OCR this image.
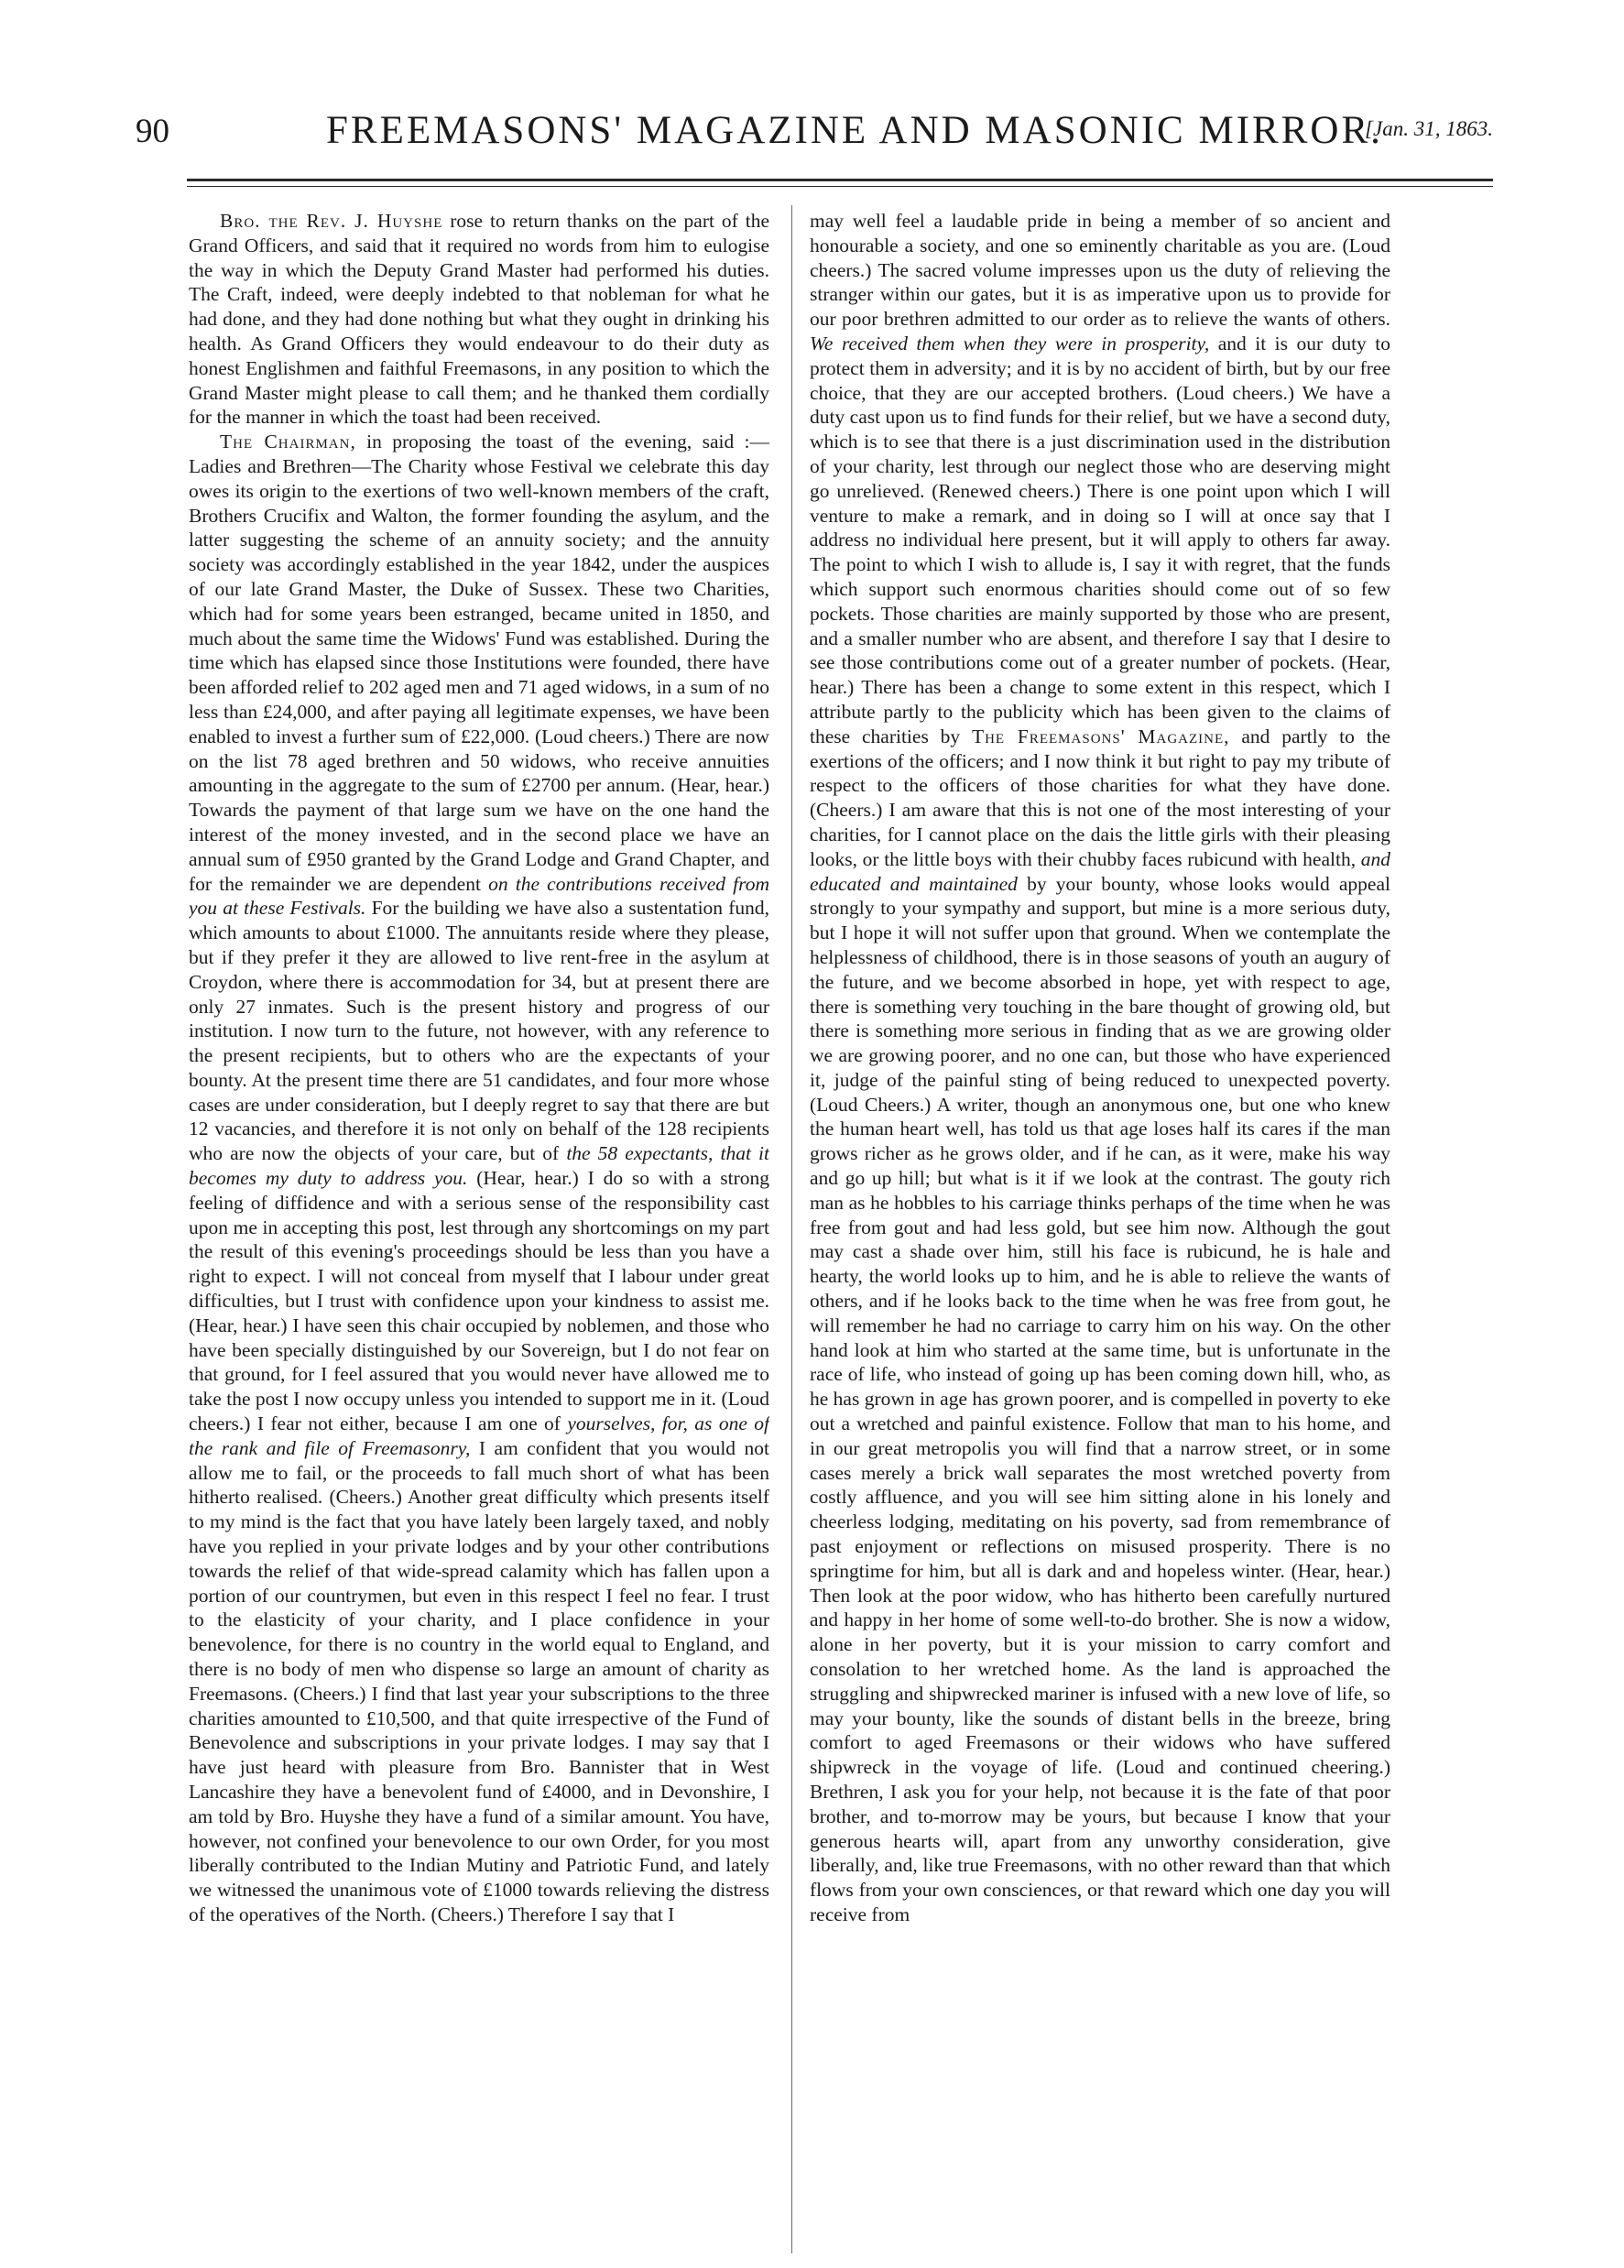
90	FREEMASONS' MAGAZINE AND MASONIC MIRROR.
[Jan. 31, 1863.

Bro. the Rev. J. Huyshe rose to return thanks on the part of the Grand Officers, and said that it required no words from him to eulogise the way in which the Deputy Grand Master had performed his duties. The Craft, indeed, were deeply indebted to that nobleman for what he had done, and they had done nothing but what they ought in drinking his health. As Grand Officers they would endeavour to do their duty as honest Englishmen and faithful Freemasons, in any position to which the Grand Master might please to call them; and he thanked them cordially for the manner in which the toast had been received.

The Chairman, in proposing the toast of the evening, said :— Ladies and Brethren—The Charity whose Festival we celebrate this day owes its origin to the exertions of two well-known members of the craft, Brothers Crucifix and Walton, the former founding the asylum, and the latter suggesting the scheme of an annuity society; and the annuity society was accordingly established in the year 1842, under the auspices of our late Grand Master, the Duke of Sussex. These two Charities, which had for some years been estranged, became united in 1850, and much about the same time the Widows' Fund was established. During the time which has elapsed since those Institutions were founded, there have been afforded relief to 202 aged men and 71 aged widows, in a sum of no less than £24,000, and after paying all legitimate expenses, we have been enabled to invest a further sum of £22,000. (Loud cheers.) There are now on the list 78 aged brethren and 50 widows, who receive annuities amounting in the aggregate to the sum of £2700 per annum. (Hear, hear.) Towards the payment of that large sum we have on the one hand the interest of the money invested, and in the second place we have an annual sum of £950 granted by the Grand Lodge and Grand Chapter, and for the remainder we are dependent on the contributions received from you at these Festivals. For the building we have also a sustentation fund, which amounts to about £1000. The annuitants reside where they please, but if they prefer it they are allowed to live rent-free in the asylum at Croydon, where there is accommodation for 34, but at present there are only 27 inmates. Such is the present history and progress of our institution. I now turn to the future, not however, with any reference to the present recipients, but to others who are the expectants of your bounty. At the present time there are 51 candidates, and four more whose cases are under consideration, but I deeply regret to say that there are but 12 vacancies, and therefore it is not only on behalf of the 128 recipients who are now the objects of your care, but of the 58 expectants, that it becomes my duty to address you. (Hear, hear.) I do so with a strong feeling of diffidence and with a serious sense of the responsibility cast upon me in accepting this post, lest through any shortcomings on my part the result of this evening's proceedings should be less than you have a right to expect. I will not conceal from myself that I labour under great difficulties, but I trust with confidence upon your kindness to assist me. (Hear, hear.) I have seen this chair occupied by noblemen, and those who have been specially distinguished by our Sovereign, but I do not fear on that ground, for I feel assured that you would never have allowed me to take the post I now occupy unless you intended to support me in it. (Loud cheers.) I fear not either, because I am one of yourselves, for, as one of the rank and file of Freemasonry, I am confident that you would not allow me to fail, or the proceeds to fall much short of what has been hitherto realised. (Cheers.) Another great difficulty which presents itself to my mind is the fact that you have lately been largely taxed, and nobly have you replied in your private lodges and by your other contributions towards the relief of that wide-spread calamity which has fallen upon a portion of our countrymen, but even in this respect I feel no fear. I trust to the elasticity of your charity, and I place confidence in your benevolence, for there is no country in the world equal to England, and there is no body of men who dispense so large an amount of charity as Freemasons. (Cheers.) I find that last year your subscriptions to the three charities amounted to £10,500, and that quite irrespective of the Fund of Benevolence and subscriptions in your private lodges. I may say that I have just heard with pleasure from Bro. Bannister that in West Lancashire they have a benevolent fund of £4000, and in Devonshire, I am told by Bro. Huyshe they have a fund of a similar amount. You have, however, not confined your benevolence to our own Order, for you most liberally contributed to the Indian Mutiny and Patriotic Fund, and lately we witnessed the unanimous vote of £1000 towards relieving the distress of the operatives of the North. (Cheers.) Therefore I say that I

may well feel a laudable pride in being a member of so ancient and honourable a society, and one so eminently charitable as you are. (Loud cheers.) The sacred volume impresses upon us the duty of relieving the stranger within our gates, but it is as imperative upon us to provide for our poor brethren admitted to our order as to relieve the wants of others. We received them when they were in prosperity, and it is our duty to protect them in adversity; and it is by no accident of birth, but by our free choice, that they are our accepted brothers. (Loud cheers.) We have a duty cast upon us to find funds for their relief, but we have a second duty, which is to see that there is a just discrimination used in the distribution of your charity, lest through our neglect those who are deserving might go unrelieved. (Renewed cheers.) There is one point upon which I will venture to make a remark, and in doing so I will at once say that I address no individual here present, but it will apply to others far away. The point to which I wish to allude is, I say it with regret, that the funds which support such enormous charities should come out of so few pockets. Those charities are mainly supported by those who are present, and a smaller number who are absent, and therefore I say that I desire to see those contributions come out of a greater number of pockets. (Hear, hear.) There has been a change to some extent in this respect, which I attribute partly to the publicity which has been given to the claims of these charities by The Freemasons' Magazine, and partly to the exertions of the officers; and I now think it but right to pay my tribute of respect to the officers of those charities for what they have done. (Cheers.) I am aware that this is not one of the most interesting of your charities, for I cannot place on the dais the little girls with their pleasing looks, or the little boys with their chubby faces rubicund with health, and educated and maintained by your bounty, whose looks would appeal strongly to your sympathy and support, but mine is a more serious duty, but I hope it will not suffer upon that ground. When we contemplate the helplessness of childhood, there is in those seasons of youth an augury of the future, and we become absorbed in hope, yet with respect to age, there is something very touching in the bare thought of growing old, but there is something more serious in finding that as we are growing older we are growing poorer, and no one can, but those who have experienced it, judge of the painful sting of being reduced to unexpected poverty. (Loud Cheers.) A writer, though an anonymous one, but one who knew the human heart well, has told us that age loses half its cares if the man grows richer as he grows older, and if he can, as it were, make his way and go up hill; but what is it if we look at the contrast. The gouty rich man as he hobbles to his carriage thinks perhaps of the time when he was free from gout and had less gold, but see him now. Although the gout may cast a shade over him, still his face is rubicund, he is hale and hearty, the world looks up to him, and he is able to relieve the wants of others, and if he looks back to the time when he was free from gout, he will remember he had no carriage to carry him on his way. On the other hand look at him who started at the same time, but is unfortunate in the race of life, who instead of going up has been coming down hill, who, as he has grown in age has grown poorer, and is compelled in poverty to eke out a wretched and painful existence. Follow that man to his home, and in our great metropolis you will find that a narrow street, or in some cases merely a brick wall separates the most wretched poverty from costly affluence, and you will see him sitting alone in his lonely and cheerless lodging, meditating on his poverty, sad from remembrance of past enjoyment or reflections on misused prosperity. There is no springtime for him, but all is dark and and hopeless winter. (Hear, hear.) Then look at the poor widow, who has hitherto been carefully nurtured and happy in her home of some well-to-do brother. She is now a widow, alone in her poverty, but it is your mission to carry comfort and consolation to her wretched home. As the land is approached the struggling and shipwrecked mariner is infused with a new love of life, so may your bounty, like the sounds of distant bells in the breeze, bring comfort to aged Freemasons or their widows who have suffered shipwreck in the voyage of life. (Loud and continued cheering.) Brethren, I ask you for your help, not because it is the fate of that poor brother, and to-morrow may be yours, but because I know that your generous hearts will, apart from any unworthy consideration, give liberally, and, like true Freemasons, with no other reward than that which flows from your own consciences, or that reward which one day you will receive from
